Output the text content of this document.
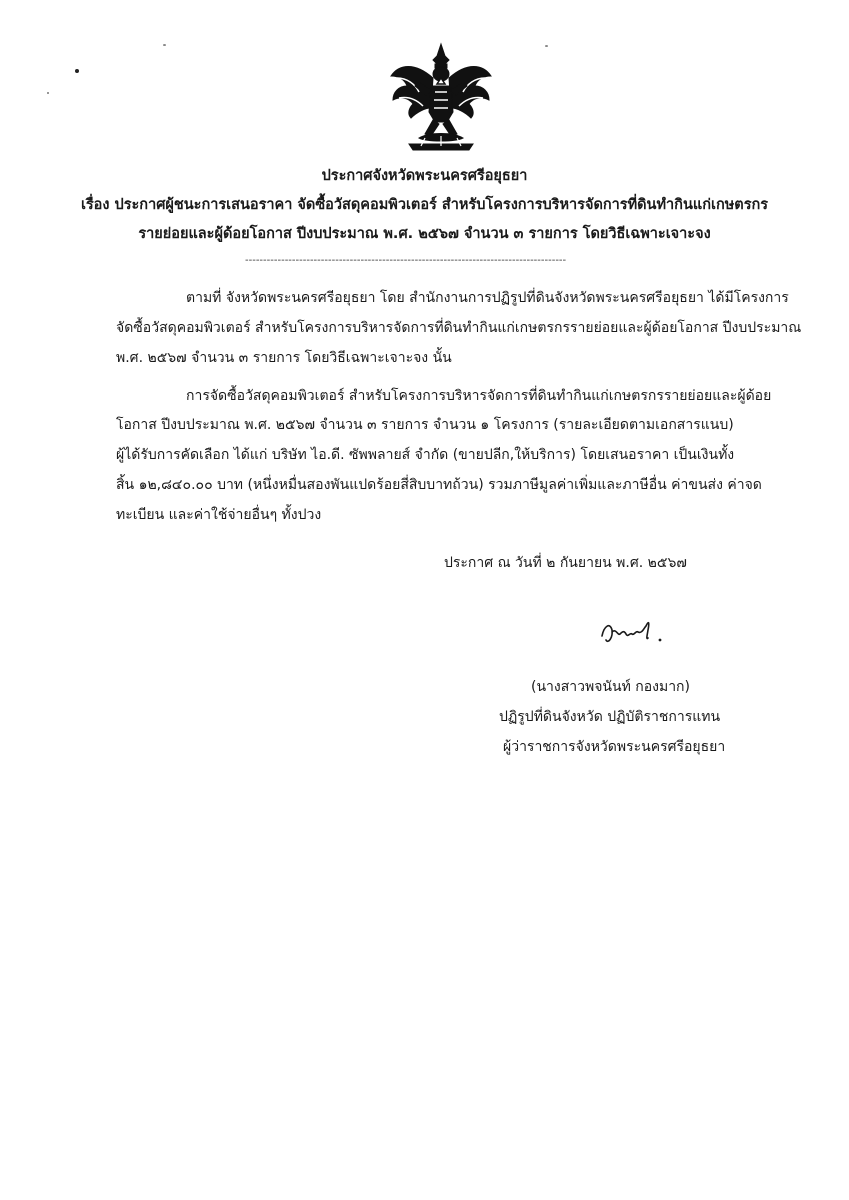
ประกาศจังหวัดพระนครศรีอยุธยา
เรื่อง ประกาศผู้ชนะการเสนอราคา จัดซื้อวัสดุคอมพิวเตอร์ สำหรับโครงการบริหารจัดการที่ดินทำกินแก่เกษตรกร
รายย่อยและผู้ด้อยโอกาส ปีงบประมาณ พ.ศ. ๒๕๖๗ จำนวน ๓ รายการ โดยวิธีเฉพาะเจาะจง
-----------------------------------------------------------------------------------------
ตามที่ จังหวัดพระนครศรีอยุธยา โดย สำนักงานการปฏิรูปที่ดินจังหวัดพระนครศรีอยุธยา ได้มีโครงการ
จัดซื้อวัสดุคอมพิวเตอร์ สำหรับโครงการบริหารจัดการที่ดินทำกินแก่เกษตรกรรายย่อยและผู้ด้อยโอกาส ปีงบประมาณ
พ.ศ. ๒๕๖๗ จำนวน ๓ รายการ โดยวิธีเฉพาะเจาะจง นั้น
การจัดซื้อวัสดุคอมพิวเตอร์ สำหรับโครงการบริหารจัดการที่ดินทำกินแก่เกษตรกรรายย่อยและผู้ด้อย
โอกาส ปีงบประมาณ พ.ศ. ๒๕๖๗ จำนวน ๓ รายการ จำนวน ๑ โครงการ (รายละเอียดตามเอกสารแนบ)
ผู้ได้รับการคัดเลือก ได้แก่ บริษัท ไอ.ดี. ซัพพลายส์ จำกัด (ขายปลีก,ให้บริการ) โดยเสนอราคา เป็นเงินทั้ง
สิ้น ๑๒,๘๔๐.๐๐ บาท (หนึ่งหมื่นสองพันแปดร้อยสี่สิบบาทถ้วน) รวมภาษีมูลค่าเพิ่มและภาษีอื่น ค่าขนส่ง ค่าจด
ทะเบียน และค่าใช้จ่ายอื่นๆ ทั้งปวง
ประกาศ ณ วันที่ ๒ กันยายน พ.ศ. ๒๕๖๗
(นางสาวพจนันท์ กองมาก)
ปฏิรูปที่ดินจังหวัด ปฏิบัติราชการแทน
ผู้ว่าราชการจังหวัดพระนครศรีอยุธยา
